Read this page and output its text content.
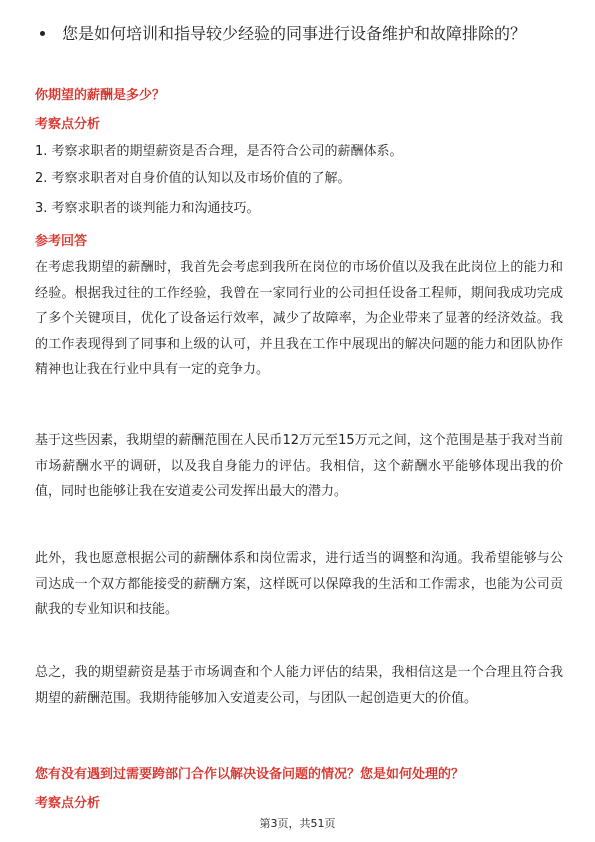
您是如何培训和指导较少经验的同事进行设备维护和故障排除的？
你期望的薪酬是多少？
考察点分析
1. 考察求职者的期望薪资是否合理，是否符合公司的薪酬体系。
2. 考察求职者对自身价值的认知以及市场价值的了解。
3. 考察求职者的谈判能力和沟通技巧。
参考回答

在考虑我期望的薪酬时，我首先会考虑到我所在岗位的市场价值以及我在此岗位上的能力和经验。根据我过往的工作经验，我曾在一家同行业的公司担任设备工程师，期间我成功完成了多个关键项目，优化了设备运行效率，减少了故障率，为企业带来了显著的经济效益。我的工作表现得到了同事和上级的认可，并且我在工作中展现出的解决问题的能力和团队协作精神也让我在行业中具有一定的竞争力。

基于这些因素，我期望的薪酬范围在人民币12万元至15万元之间，这个范围是基于我对当前市场薪酬水平的调研，以及我自身能力的评估。我相信，这个薪酬水平能够体现出我的价值，同时也能够让我在安道麦公司发挥出最大的潜力。

此外，我也愿意根据公司的薪酬体系和岗位需求，进行适当的调整和沟通。我希望能够与公司达成一个双方都能接受的薪酬方案，这样既可以保障我的生活和工作需求，也能为公司贡献我的专业知识和技能。

总之，我的期望薪资是基于市场调查和个人能力评估的结果，我相信这是一个合理且符合我期望的薪酬范围。我期待能够加入安道麦公司，与团队一起创造更大的价值。

您有没有遇到过需要跨部门合作以解决设备问题的情况？您是如何处理的？
考察点分析
第3页，共51页
